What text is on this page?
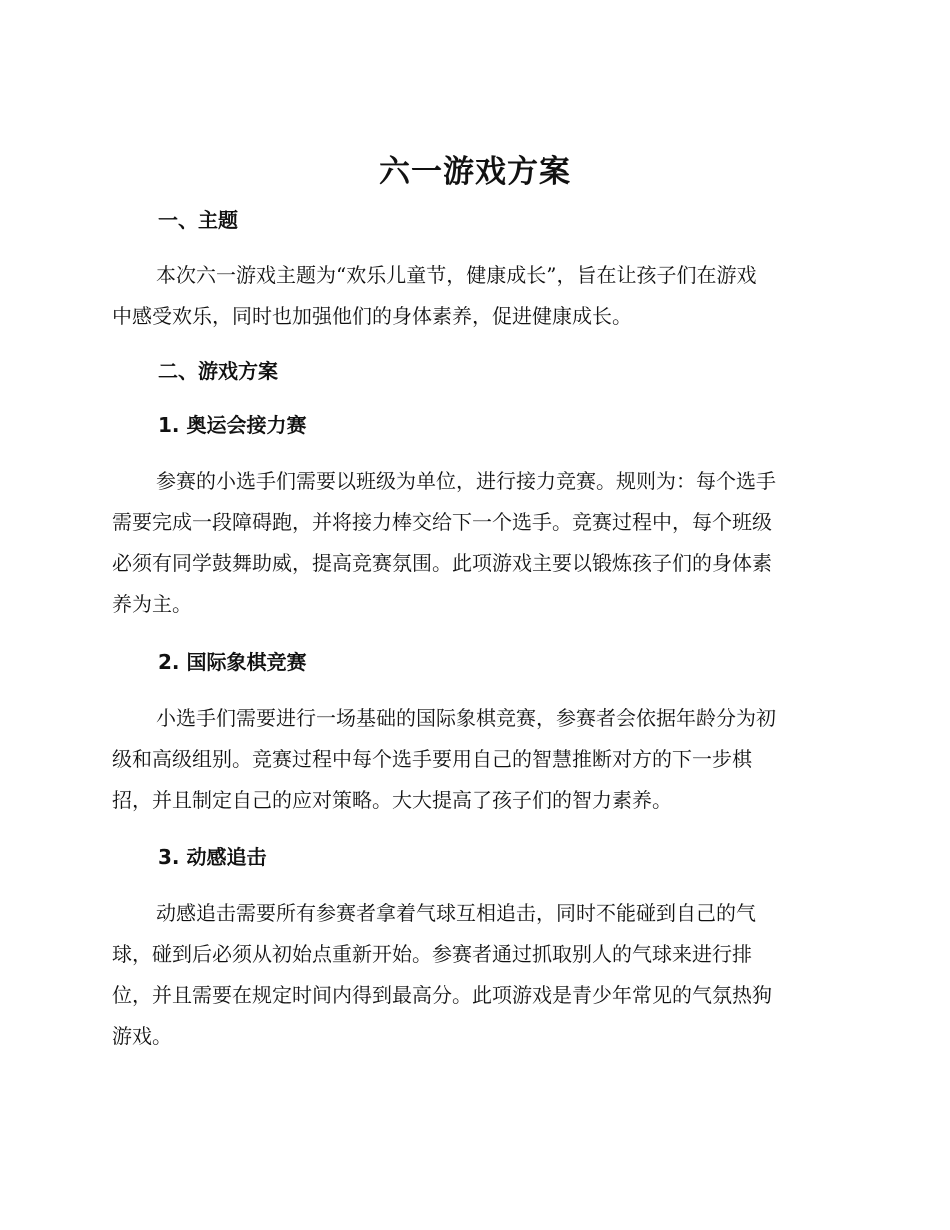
六一游戏方案
一、主题

本次六一游戏主题为“欢乐儿童节，健康成长”，旨在让孩子们在游戏
中感受欢乐，同时也加强他们的身体素养，促进健康成长。

二、游戏方案
1. 奥运会接力赛

参赛的小选手们需要以班级为单位，进行接力竞赛。规则为：每个选手
需要完成一段障碍跑，并将接力棒交给下一个选手。竞赛过程中，每个班级
必须有同学鼓舞助威，提高竞赛氛围。此项游戏主要以锻炼孩子们的身体素
养为主。

2. 国际象棋竞赛

小选手们需要进行一场基础的国际象棋竞赛，参赛者会依据年龄分为初
级和高级组别。竞赛过程中每个选手要用自己的智慧推断对方的下一步棋
招，并且制定自己的应对策略。大大提高了孩子们的智力素养。

3. 动感追击

动感追击需要所有参赛者拿着气球互相追击，同时不能碰到自己的气
球，碰到后必须从初始点重新开始。参赛者通过抓取别人的气球来进行排
位，并且需要在规定时间内得到最高分。此项游戏是青少年常见的气氛热狗
游戏。
